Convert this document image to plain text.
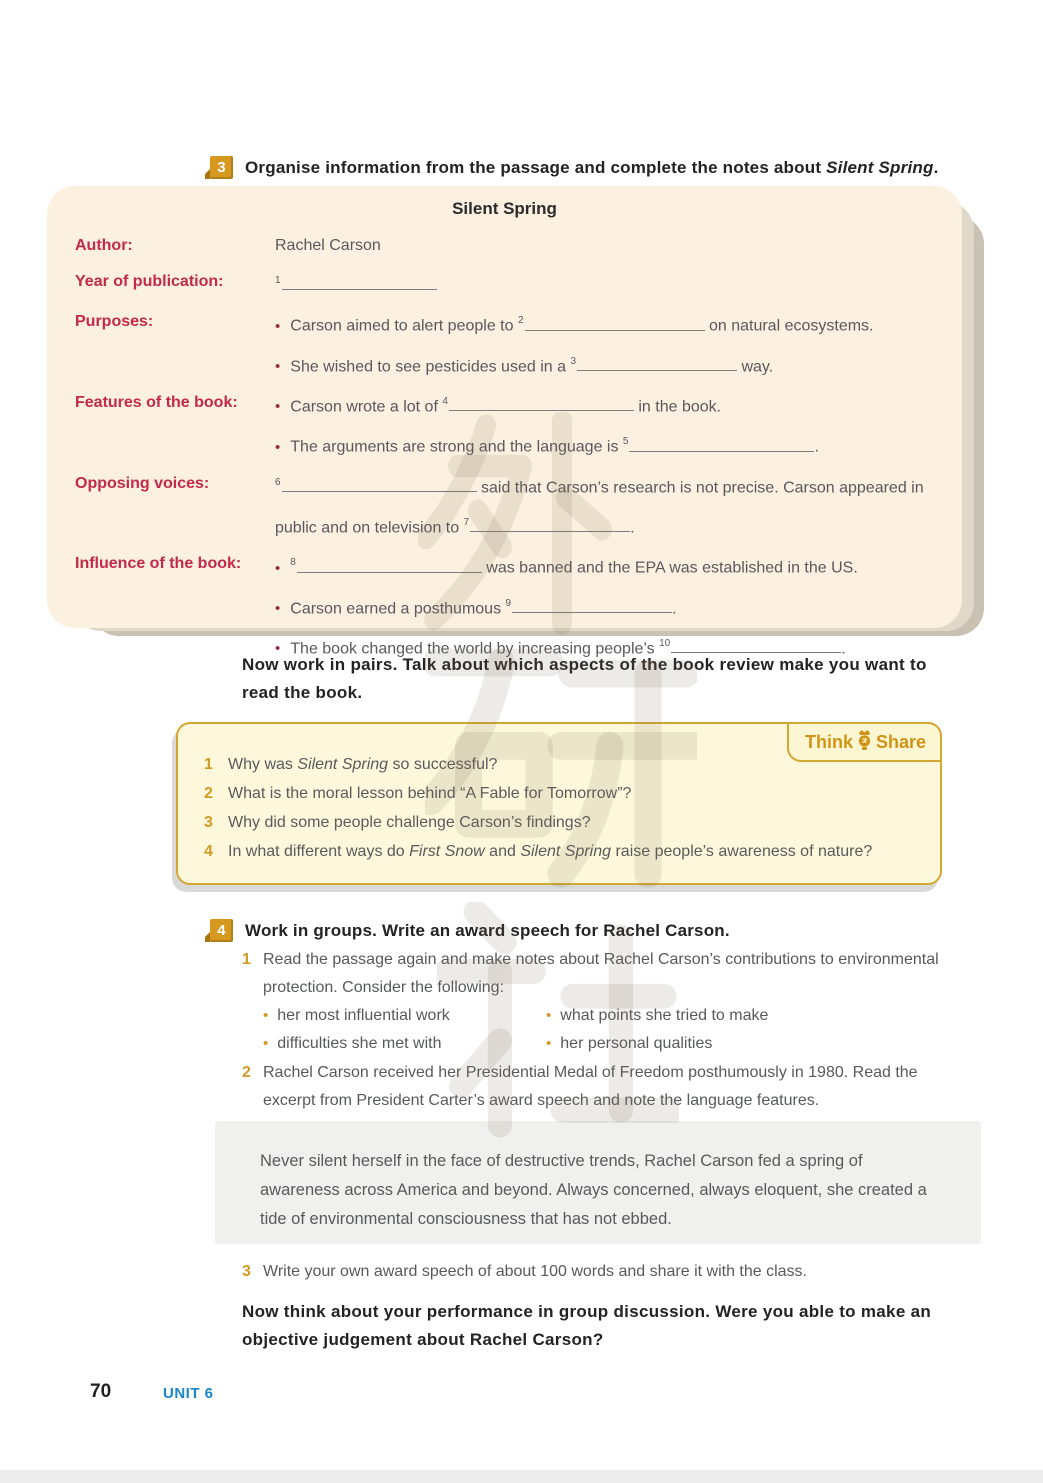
3 Organise information from the passage and complete the notes about Silent Spring.
Silent Spring
Author:	Rachel Carson
Year of publication:	$^1$
Purposes:	• Carson aimed to alert people to $^2$	on natural ecosystems.
• She wished to see pesticides used in a $^3$	way.
Features of the book:	• Carson wrote a lot of $^4$	in the book.
• The arguments are strong and the language is $^5$	.
Opposing voices:	$^6$	said that Carson’s research is not precise. Carson appeared in public and on television to $^7$	.
Influence of the book:	• $^8$	was banned and the EPA was established in the US.
• Carson earned a posthumous $^9$	.
• The book changed the world by increasing people’s $^{10}$	.
Now work in pairs. Talk about which aspects of the book review make you want to read the book.
Think Share
1 Why was Silent Spring so successful?
2 What is the moral lesson behind “A Fable for Tomorrow”?
3 Why did some people challenge Carson’s findings?
4 In what different ways do First Snow and Silent Spring raise people’s awareness of nature?
4 Work in groups. Write an award speech for Rachel Carson.
1 Read the passage again and make notes about Rachel Carson’s contributions to environmental protection. Consider the following:
• her most influential work
• difficulties she met with
• what points she tried to make
• her personal qualities
2 Rachel Carson received her Presidential Medal of Freedom posthumously in 1980. Read the excerpt from President Carter’s award speech and note the language features.
Never silent herself in the face of destructive trends, Rachel Carson fed a spring of awareness across America and beyond. Always concerned, always eloquent, she created a tide of environmental consciousness that has not ebbed.
3 Write your own award speech of about 100 words and share it with the class.
Now think about your performance in group discussion. Were you able to make an objective judgement about Rachel Carson?
70	UNIT 6
